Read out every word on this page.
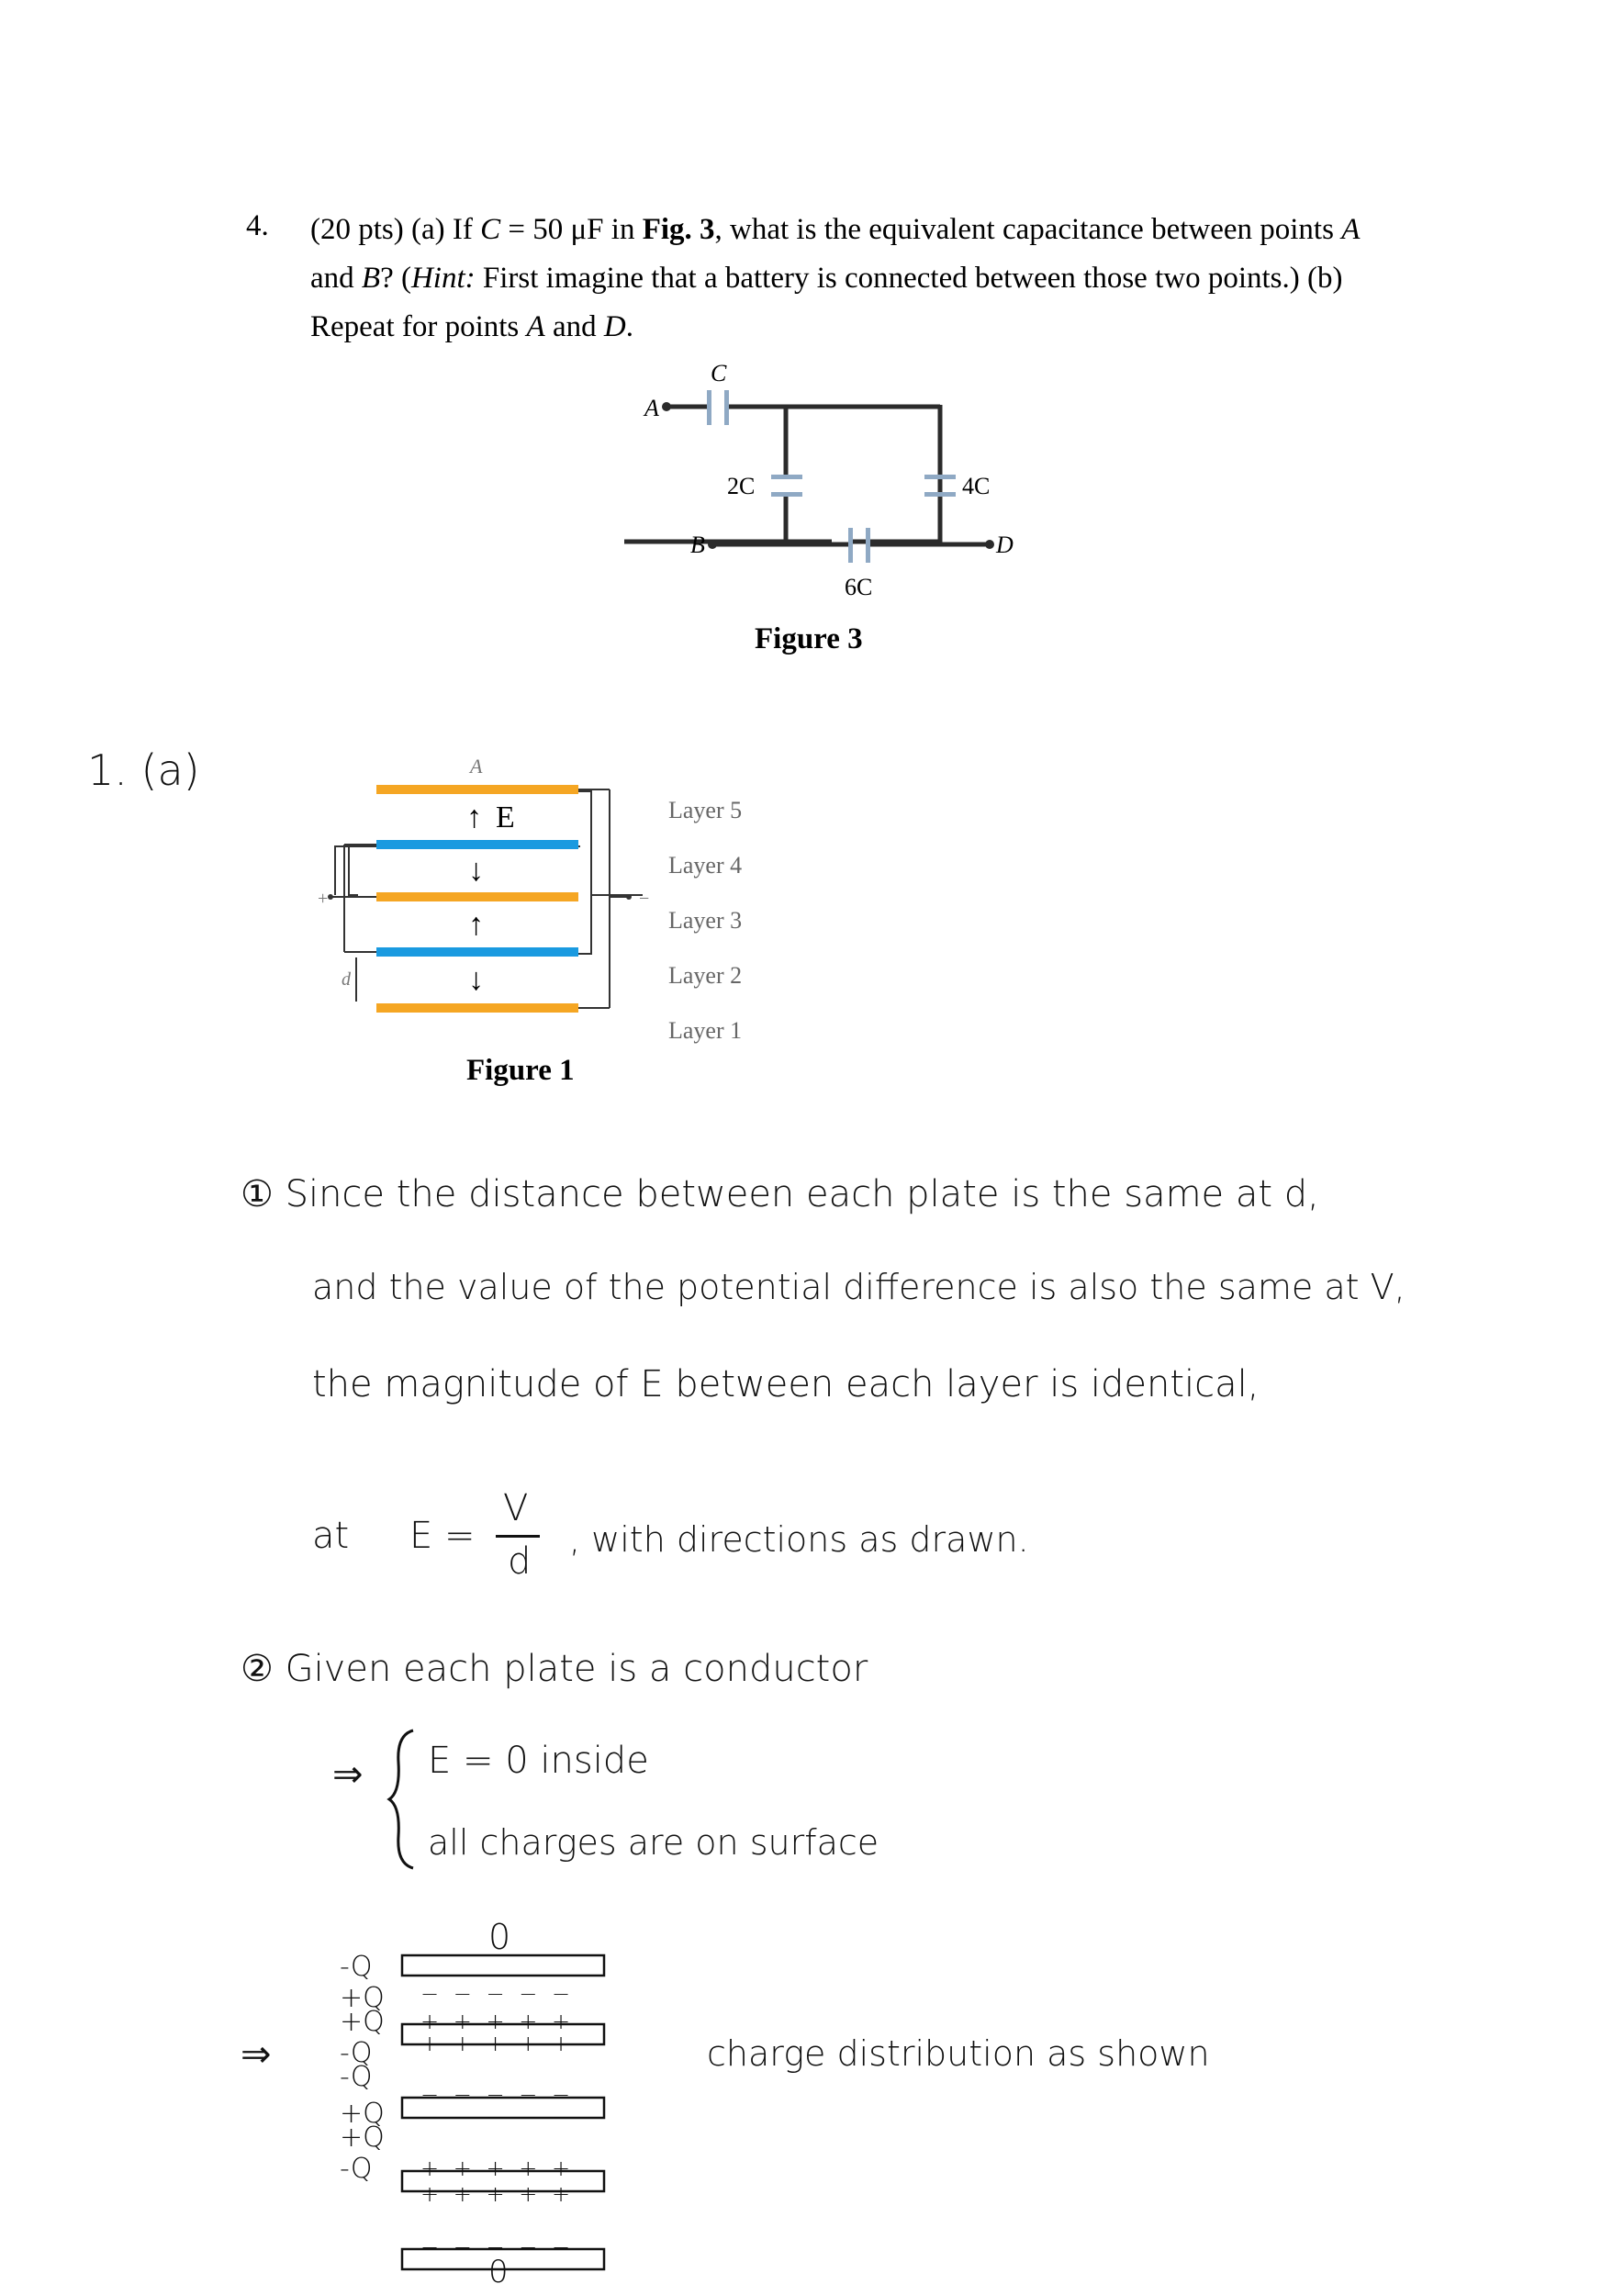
4. (20 pts) (a) If C = 50 μF in Fig. 3, what is the equivalent capacitance between points A and B? (Hint: First imagine that a battery is connected between those two points.) (b) Repeat for points A and D.
A
C
2C	4C
B	D
6C
Figure 3
1. (a)
+	−
A
d
↑ E
↓
↑
↓
Layer 5
Layer 4
Layer 3
Layer 2
Layer 1
Figure 1
① Since the distance between each plate is the same at d,
and the value of the potential difference is also the same at V,
the magnitude of E between each layer is identical,
at E =
V
d
, with directions as drawn.
② Given each plate is a conductor
⇒ E = 0 inside
all charges are on surface
⇒
0
-Q
+Q
+Q
-Q
-Q
+Q
+Q
-Q
− − − − −
+ + + + +
+ + + + +
− − − − −
− − − − −
+ + + + +
+ + + + +
− − − − −
0
charge distribution as shown
